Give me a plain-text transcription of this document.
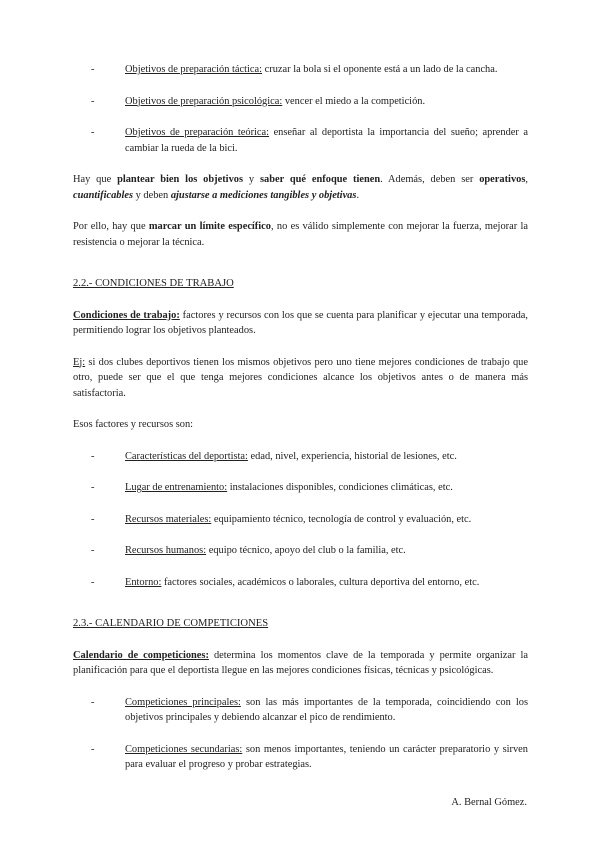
- Objetivos de preparación táctica: cruzar la bola si el oponente está a un lado de la cancha.
- Objetivos de preparación psicológica: vencer el miedo a la competición.
- Objetivos de preparación teórica: enseñar al deportista la importancia del sueño; aprender a cambiar la rueda de la bici.

Hay que plantear bien los objetivos y saber qué enfoque tienen. Además, deben ser operativos, cuantificables y deben ajustarse a mediciones tangibles y objetivas.

Por ello, hay que marcar un límite específico, no es válido simplemente con mejorar la fuerza, mejorar la resistencia o mejorar la técnica.

2.2.- CONDICIONES DE TRABAJO

Condiciones de trabajo: factores y recursos con los que se cuenta para planificar y ejecutar una temporada, permitiendo lograr los objetivos planteados.

Ej: si dos clubes deportivos tienen los mismos objetivos pero uno tiene mejores condiciones de trabajo que otro, puede ser que el que tenga mejores condiciones alcance los objetivos antes o de manera más satisfactoria.

Esos factores y recursos son:

- Características del deportista: edad, nivel, experiencia, historial de lesiones, etc.
- Lugar de entrenamiento: instalaciones disponibles, condiciones climáticas, etc.
- Recursos materiales: equipamiento técnico, tecnología de control y evaluación, etc.
- Recursos humanos: equipo técnico, apoyo del club o la familia, etc.
- Entorno: factores sociales, académicos o laborales, cultura deportiva del entorno, etc.
2.3.- CALENDARIO DE COMPETICIONES

Calendario de competiciones: determina los momentos clave de la temporada y permite organizar la planificación para que el deportista llegue en las mejores condiciones físicas, técnicas y psicológicas.

- Competiciones principales: son las más importantes de la temporada, coincidiendo con los objetivos principales y debiendo alcanzar el pico de rendimiento.
- Competiciones secundarias: son menos importantes, teniendo un carácter preparatorio y sirven para evaluar el progreso y probar estrategias.
A. Bernal Gómez.
